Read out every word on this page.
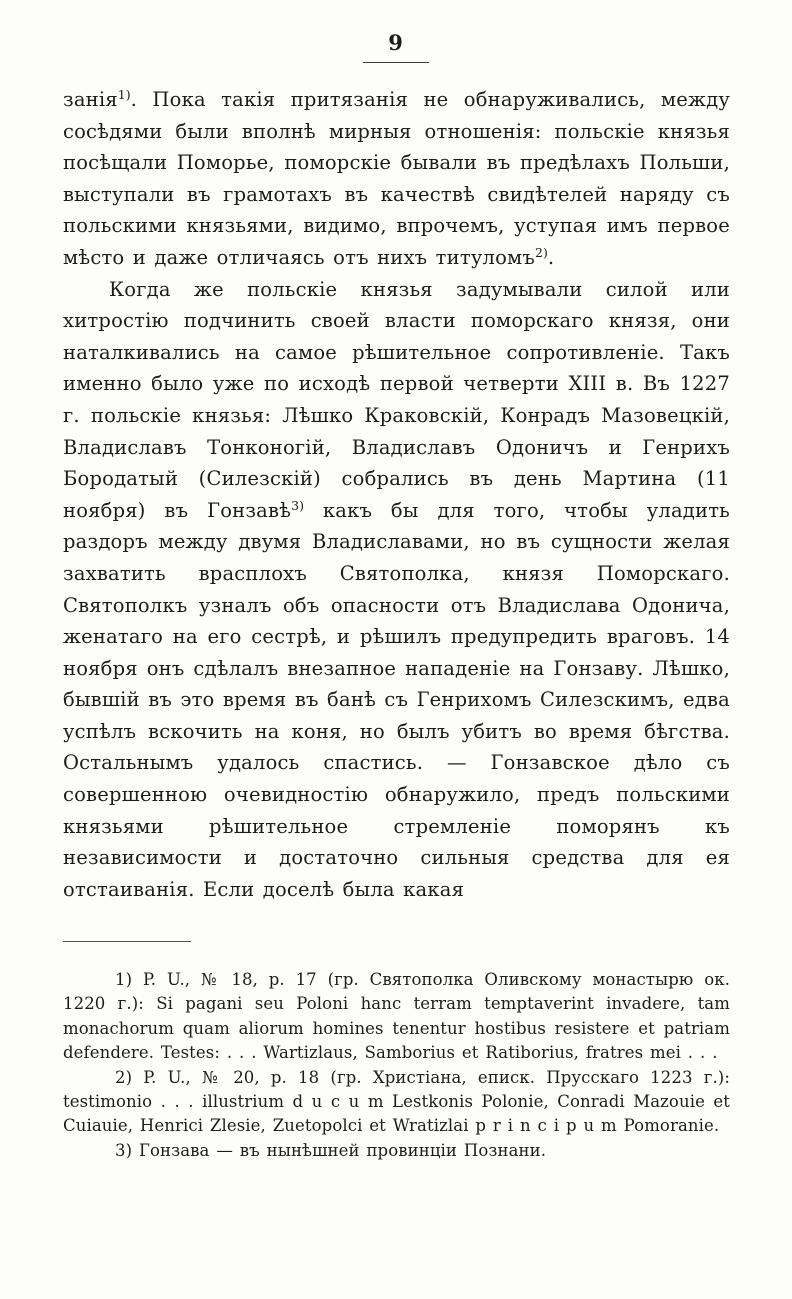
9

занія$^{1)}$. Пока такія притязанія не обнаруживались, между сосѣдями были вполнѣ мирныя отношенія: польскіе князья посѣщали Поморье, поморскіе бывали въ предѣлахъ Польши, выступали въ грамотахъ въ качествѣ свидѣтелей наряду съ польскими князьями, видимо, впрочемъ, уступая имъ первое мѣсто и даже отличаясь отъ нихъ титуломъ$^{2)}$.

Когда же польскіе князья задумывали силой или хитростію подчинить своей власти поморскаго князя, они наталкивались на самое рѣшительное сопротивленіе. Такъ именно было уже по исходѣ первой четверти XIII в. Въ 1227 г. польскіе князья: Лѣшко Краковскій, Конрадъ Мазовецкій, Владиславъ Тонконогій, Владиславъ Одоничъ и Генрихъ Бородатый (Силезскій) собрались въ день Мартина (11 ноября) въ Гонзавѣ$^{3)}$ какъ бы для того, чтобы уладить раздоръ между двумя Владиславами, но въ сущности желая захватить врасплохъ Святополка, князя Поморскаго. Святополкъ узналъ объ опасности отъ Владислава Одонича, женатаго на его сестрѣ, и рѣшилъ предупредить враговъ. 14 ноября онъ сдѣлалъ внезапное нападеніе на Гонзаву. Лѣшко, бывшій въ это время въ банѣ съ Генрихомъ Силезскимъ, едва успѣлъ вскочить на коня, но былъ убитъ во время бѣгства. Остальнымъ удалось спастись. — Гонзавское дѣло съ совершенною очевидностію обнаружило, предъ польскими князьями рѣшительное стремленіе поморянъ къ независимости и достаточно сильныя средства для ея отстаиванія. Если доселѣ была какая

1) P. U., № 18, p. 17 (гр. Святополка Оливскому монастырю ок. 1220 г.): Si pagani seu Poloni hanc terram temptaverint invadere, tam monachorum quam aliorum homines tenentur hostibus resistere et patriam defendere. Testes: . . . Wartizlaus, Samborius et Ratiborius, fratres mei . . .

2) P. U., № 20, p. 18 (гр. Христіана, еписк. Прусскаго 1223 г.): testimonio . . . illustrium d u c u m Lestkonis Polonie, Conradi Mazouie et Cuiauie, Henrici Zlesie, Zuetopolci et Wratizlai p r i n c i p u m Pomoranie.

3) Гонзава — въ нынѣшней провинціи Познани.
